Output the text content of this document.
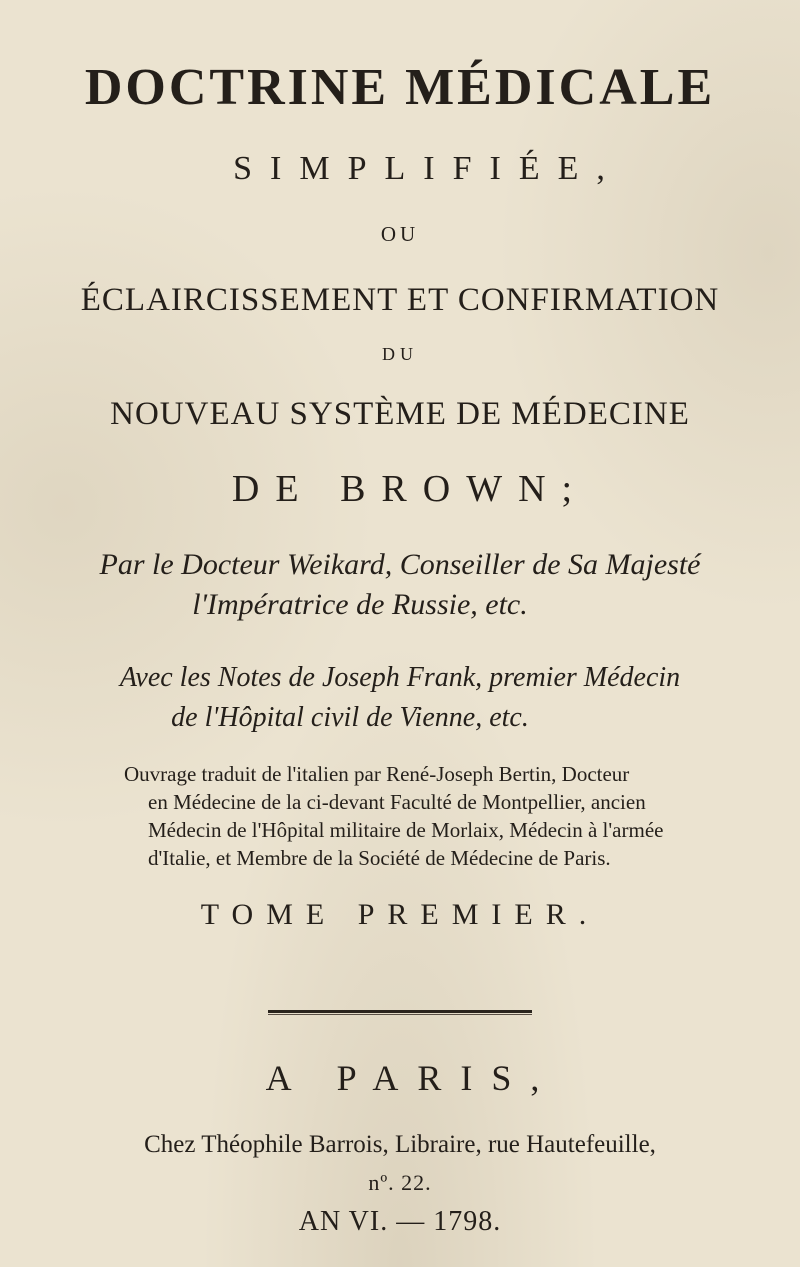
DOCTRINE MÉDICALE
SIMPLIFIÉE,
OU
ÉCLAIRCISSEMENT ET CONFIRMATION
DU
NOUVEAU SYSTÈME DE MÉDECINE
DE BROWN;
Par le Docteur Weikard, Conseiller de Sa Majesté
l'Impératrice de Russie, etc.
Avec les Notes de Joseph Frank, premier Médecin
de l'Hôpital civil de Vienne, etc.
Ouvrage traduit de l'italien par René-Joseph Bertin, Docteur
en Médecine de la ci-devant Faculté de Montpellier, ancien
Médecin de l'Hôpital militaire de Morlaix, Médecin à l'armée
d'Italie, et Membre de la Société de Médecine de Paris.
TOME PREMIER.
A PARIS,
Chez Théophile Barrois, Libraire, rue Hautefeuille,
nº. 22.
AN VI. — 1798.
